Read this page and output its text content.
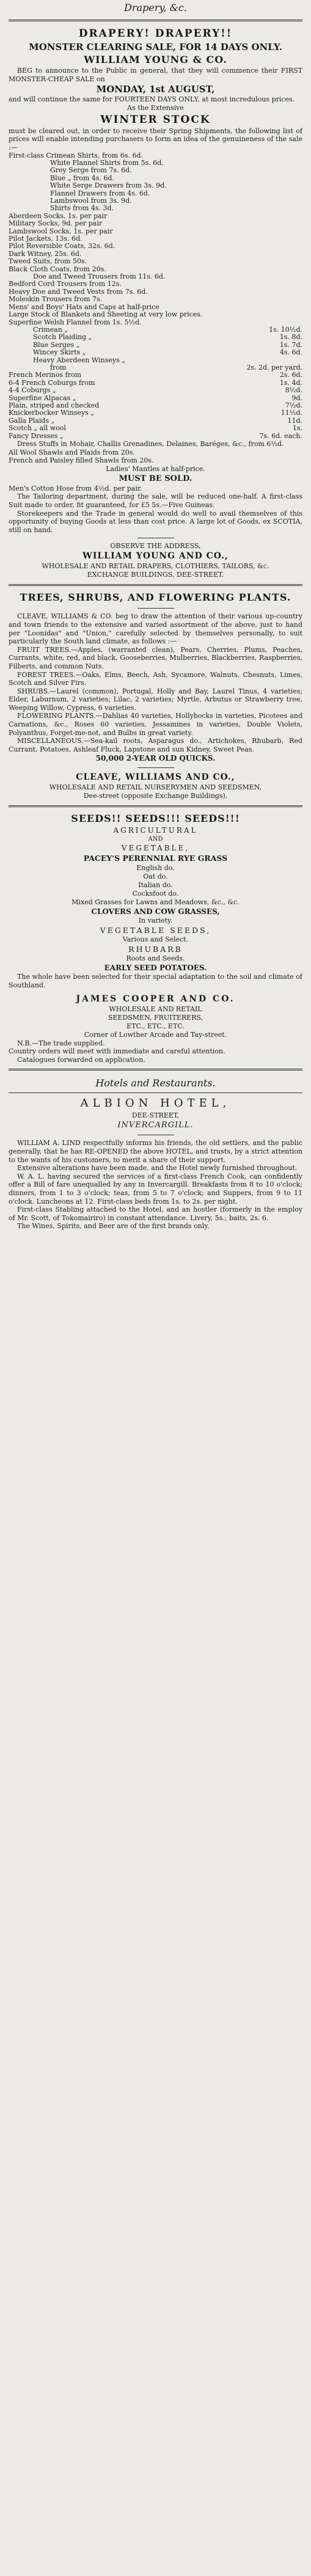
Drapery, &c.
DRAPERY! DRAPERY!!
MONSTER CLEARING SALE, FOR 14 DAYS ONLY.
WILLIAM YOUNG & CO.
BEG to announce to the Public in general, that they will commence their FIRST MONSTER-CHEAP SALE on
MONDAY, 1st AUGUST,
and will continue the same for FOURTEEN DAYS ONLY, at most incredulous prices.
As the Extensive
WINTER STOCK
must be cleared out, in order to receive their Spring Shipments, the following list of prices will enable intending purchasers to form an idea of the genuineness of the sale :—
First-class Crimean Shirts, from 6s. 6d.
White Flannel Shirts from 5s. 6d.
Grey Serge from 7s. 6d.
Blue „ from 4s. 6d.
White Serge Drawers from 3s. 9d.
Flannel Drawers from 4s. 6d.
Lambswool from 3s. 9d.
Shirts from 4s. 3d.
Aberdeen Socks, 1s. per pair
Military Socks, 9d. per pair
Lambswool Socks, 1s. per pair
Pilot Jackets, 13s. 6d.
Pilot Reversible Coats, 32s. 6d.
Dark Witney, 25s. 6d.
Tweed Suits, from 50s.
Black Cloth Coats, from 20s.
Doe and Tweed Trousers from 11s. 6d.
Bedford Cord Trousers from 12s.
Heavy Doe and Tweed Vests from 7s. 6d.
Moleskin Trousers from 7s.
Mens' and Boys' Hats and Caps at half-price
Large Stock of Blankets and Sheeting at very low prices.
Superfine Welsh Flannel from 1s. 5½d.
Crimean „	1s. 10½d.
Scotch Plaiding „	1s. 8d.
Blue Serges „	1s. 7d.
Wincey Skirts „	4s. 6d.
Heavy Aberdeen Winseys „
from	2s. 2d. per yard.
French Merinos from	2s. 6d.
6-4 French Coburgs from	1s. 4d.
4-4 Coburgs „	8½d.
Superfine Alpacas „	9d.
Plain, striped and checked	7½d.
Knickerbocker Winseys „	11½d.
Galla Plaids „	11d.
Scotch „ all wool	1s.
Fancy Dresses „	7s. 6d. each.
Dress Stuffs in Mohair, Challis Grenadines, Delaines, Baréges, &c., from 6½d.
All Wool Shawls and Plaids from 20s.
French and Paisley filled Shawls from 20s.
Ladies' Mantles at half-price.
MUST BE SOLD.
Men's Cotton Hose from 4½d. per pair.
The Tailoring department, during the sale, will be reduced one-half. A first-class Suit made to order, fit guaranteed, for £5 5s.—Five Guineas.
Storekeepers and the Trade in general would do well to avail themselves of this opportunity of buying Goods at less than cost price. A large lot of Goods, ex SCOTIA, still on hand.
OBSERVE THE ADDRESS,
WILLIAM YOUNG AND CO.,
WHOLESALE AND RETAIL DRAPERS, CLOTHIERS, TAILORS, &c.
EXCHANGE BUILDINGS, DEE-STREET.
TREES, SHRUBS, AND FLOWERING PLANTS.
CLEAVE, WILLIAMS & CO. beg to draw the attention of their various up-country and town friends to the extensive and varied assortment of the above, just to hand per "Loonidas" and "Union," carefully selected by themselves personally, to suit particularly the South land climate, as follows :—
FRUIT TREES.—Apples, (warranted clean), Pears, Cherries, Plums, Peaches, Currants, white, red, and black, Gooseberries, Mulberries, Blackberries, Raspberries, Filberts, and common Nuts.
FOREST TREES.—Oaks, Elms, Beech, Ash, Sycamore, Walnuts, Chesnuts, Limes, Scotch and Silver Firs.
SHRUBS.—Laurel (common), Portugal, Holly and Bay, Laurel Tinus, 4 varieties; Elder, Laburnum, 2 varieties; Lilac, 2 varieties; Myrtle, Arbutus or Strawberry tree, Weeping Willow, Cypress, 6 varieties.
FLOWERING PLANTS.—Dahlias 40 varieties, Hollyhocks in varieties, Picotees and Carnations, &c., Roses 60 varieties, Jessamines in varieties, Double Violets, Polyanthus, Forget-me-not, and Bulbs in great variety.
MISCELLANEOUS.—Sea-kail roots, Asparagus do., Artichokes, Rhubarb, Red Currant, Potatoes, Ashleaf Fluck, Lapstone and sun Kidney, Sweet Peas.
50,000 2-YEAR OLD QUICKS.
CLEAVE, WILLIAMS AND CO.,
WHOLESALE AND RETAIL NURSERYMEN AND SEEDSMEN,
Dee-street (opposite Exchange Buildings).
SEEDS!! SEEDS!!! SEEDS!!!
AGRICULTURAL
AND
VEGETABLE,
PACEY'S PERENNIAL RYE GRASS
English do.
Oat do.
Italian do.
Cocksfoot do.
Mixed Grasses for Lawns and Meadows, &c., &c.
CLOVERS AND COW GRASSES,
In variety.
VEGETABLE SEEDS,
Various and Select.
RHUBARB
Roots and Seeds.
EARLY SEED POTATOES.
The whole have been selected for their special adaptation to the soil and climate of Southland.
JAMES COOPER AND CO.
WHOLESALE AND RETAIL
SEEDSMEN, FRUITERERS,
ETC., ETC., ETC.
Corner of Lowther Arcade and Tay-street.
N.B.—The trade supplied.
Country orders will meet with immediate and careful attention.
Catalogues forwarded on application.
Hotels and Restaurants.
ALBION HOTEL,
DEE-STREET,
INVERCARGILL.
WILLIAM A. LIND respectfully informs his friends, the old settlers, and the public generally, that he has RE-OPENED the above HOTEL, and trusts, by a strict attention to the wants of his customers, to merit a share of their support.
Extensive alterations have been made, and the Hotel newly furnished throughout.
W. A. L. having secured the services of a first-class French Cook, can confidently offer a Bill of fare unequalled by any in Invercargill. Breakfasts from 8 to 10 o'clock; dinners, from 1 to 3 o'clock; teas, from 5 to 7 o'clock; and Suppers, from 9 to 11 o'clock. Luncheons at 12. First-class beds from 1s. to 2s. per night.
First-class Stabling attached to the Hotel, and an hostler (formerly in the employ of Mr. Scott, of Tokomairiro) in constant attendance. Livery, 5s.; baits, 2s. 6.
The Wines, Spirits, and Beer are of the first brands only.
